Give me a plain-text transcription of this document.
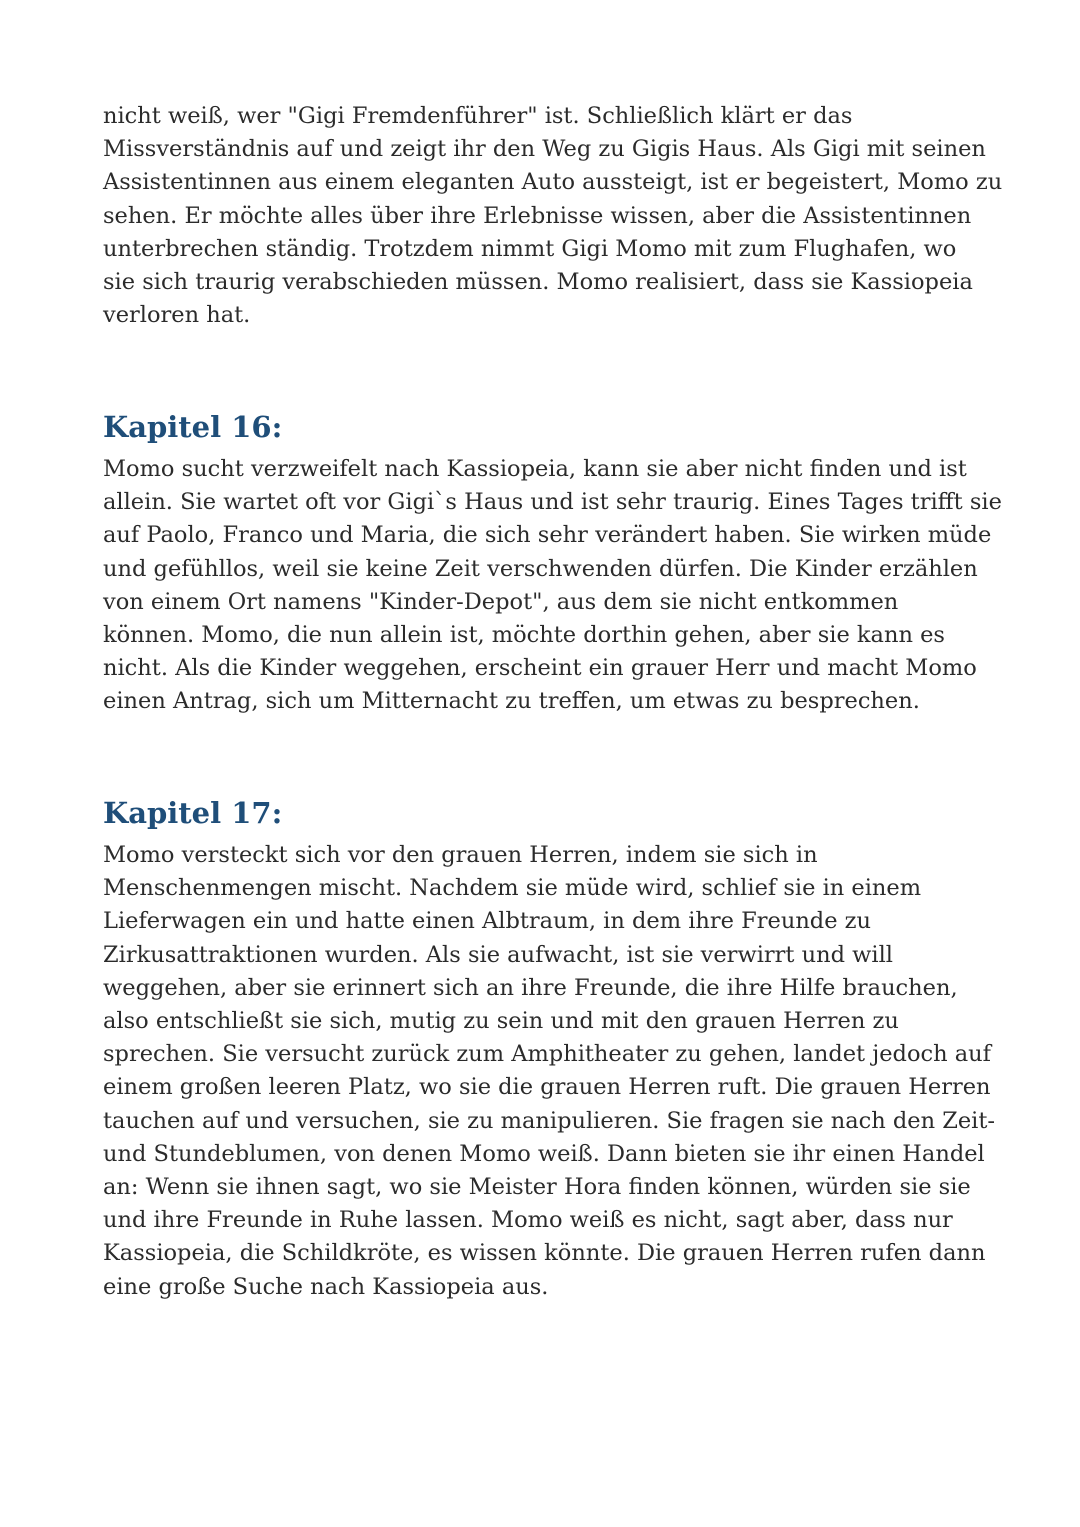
nicht weiß, wer "Gigi Fremdenführer" ist. Schließlich klärt er das
Missverständnis auf und zeigt ihr den Weg zu Gigis Haus. Als Gigi mit seinen
Assistentinnen aus einem eleganten Auto aussteigt, ist er begeistert, Momo zu
sehen. Er möchte alles über ihre Erlebnisse wissen, aber die Assistentinnen
unterbrechen ständig. Trotzdem nimmt Gigi Momo mit zum Flughafen, wo
sie sich traurig verabschieden müssen. Momo realisiert, dass sie Kassiopeia
verloren hat.

Kapitel 16:

Momo sucht verzweifelt nach Kassiopeia, kann sie aber nicht finden und ist
allein. Sie wartet oft vor Gigi`s Haus und ist sehr traurig. Eines Tages trifft sie
auf Paolo, Franco und Maria, die sich sehr verändert haben. Sie wirken müde
und gefühllos, weil sie keine Zeit verschwenden dürfen. Die Kinder erzählen
von einem Ort namens "Kinder-Depot", aus dem sie nicht entkommen
können. Momo, die nun allein ist, möchte dorthin gehen, aber sie kann es
nicht. Als die Kinder weggehen, erscheint ein grauer Herr und macht Momo
einen Antrag, sich um Mitternacht zu treffen, um etwas zu besprechen.

Kapitel 17:

Momo versteckt sich vor den grauen Herren, indem sie sich in
Menschenmengen mischt. Nachdem sie müde wird, schlief sie in einem
Lieferwagen ein und hatte einen Albtraum, in dem ihre Freunde zu
Zirkusattraktionen wurden. Als sie aufwacht, ist sie verwirrt und will
weggehen, aber sie erinnert sich an ihre Freunde, die ihre Hilfe brauchen,
also entschließt sie sich, mutig zu sein und mit den grauen Herren zu
sprechen. Sie versucht zurück zum Amphitheater zu gehen, landet jedoch auf
einem großen leeren Platz, wo sie die grauen Herren ruft. Die grauen Herren
tauchen auf und versuchen, sie zu manipulieren. Sie fragen sie nach den Zeit-
und Stundeblumen, von denen Momo weiß. Dann bieten sie ihr einen Handel
an: Wenn sie ihnen sagt, wo sie Meister Hora finden können, würden sie sie
und ihre Freunde in Ruhe lassen. Momo weiß es nicht, sagt aber, dass nur
Kassiopeia, die Schildkröte, es wissen könnte. Die grauen Herren rufen dann
eine große Suche nach Kassiopeia aus.
